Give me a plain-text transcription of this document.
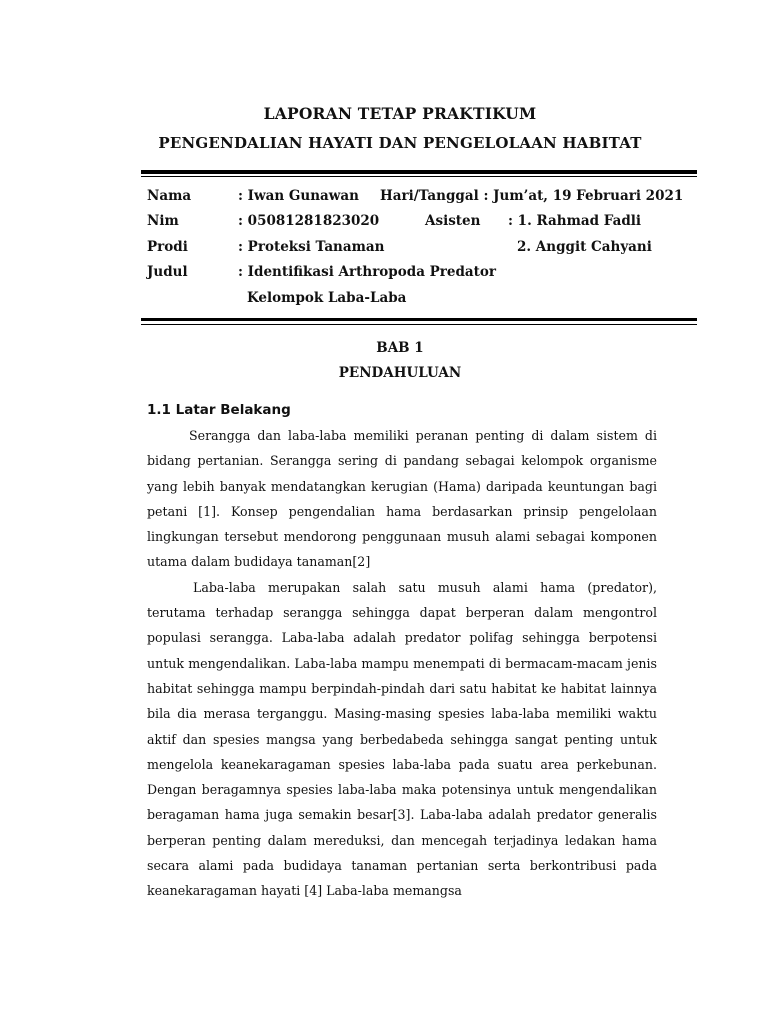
LAPORAN TETAP PRAKTIKUM
PENGENDALIAN HAYATI DAN PENGELOLAAN HABITAT
Nama	: Iwan Gunawan Hari/Tanggal : Jum’at, 19 Februari 2021
Nim	: 05081281823020	Asisten : 1. Rahmad Fadli
Prodi	: Proteksi Tanaman	2. Anggit Cahyani
Judul	: Identifikasi Arthropoda Predator
Kelompok Laba-Laba
BAB 1
PENDAHULUAN
1.1 Latar Belakang

Serangga dan laba-laba memiliki peranan penting di dalam sistem di bidang pertanian. Serangga sering di pandang sebagai kelompok organisme yang lebih banyak mendatangkan kerugian (Hama) daripada keuntungan bagi petani [1]. Konsep pengendalian hama berdasarkan prinsip pengelolaan lingkungan tersebut mendorong penggunaan musuh alami sebagai komponen utama dalam budidaya tanaman[2]

Laba-laba merupakan salah satu musuh alami hama (predator), terutama terhadap serangga sehingga dapat berperan dalam mengontrol populasi serangga. Laba-laba adalah predator polifag sehingga berpotensi untuk mengendalikan. Laba-laba mampu menempati di bermacam-macam jenis habitat sehingga mampu berpindah-pindah dari satu habitat ke habitat lainnya bila dia merasa terganggu. Masing-masing spesies laba-laba memiliki waktu aktif dan spesies mangsa yang berbedabeda sehingga sangat penting untuk mengelola keanekaragaman spesies laba-laba pada suatu area perkebunan. Dengan beragamnya spesies laba-laba maka potensinya untuk mengendalikan beragaman hama juga semakin besar[3]. Laba-laba adalah predator generalis berperan penting dalam mereduksi, dan mencegah terjadinya ledakan hama secara alami pada budidaya tanaman pertanian serta berkontribusi pada keanekaragaman hayati [4] Laba-laba memangsa
